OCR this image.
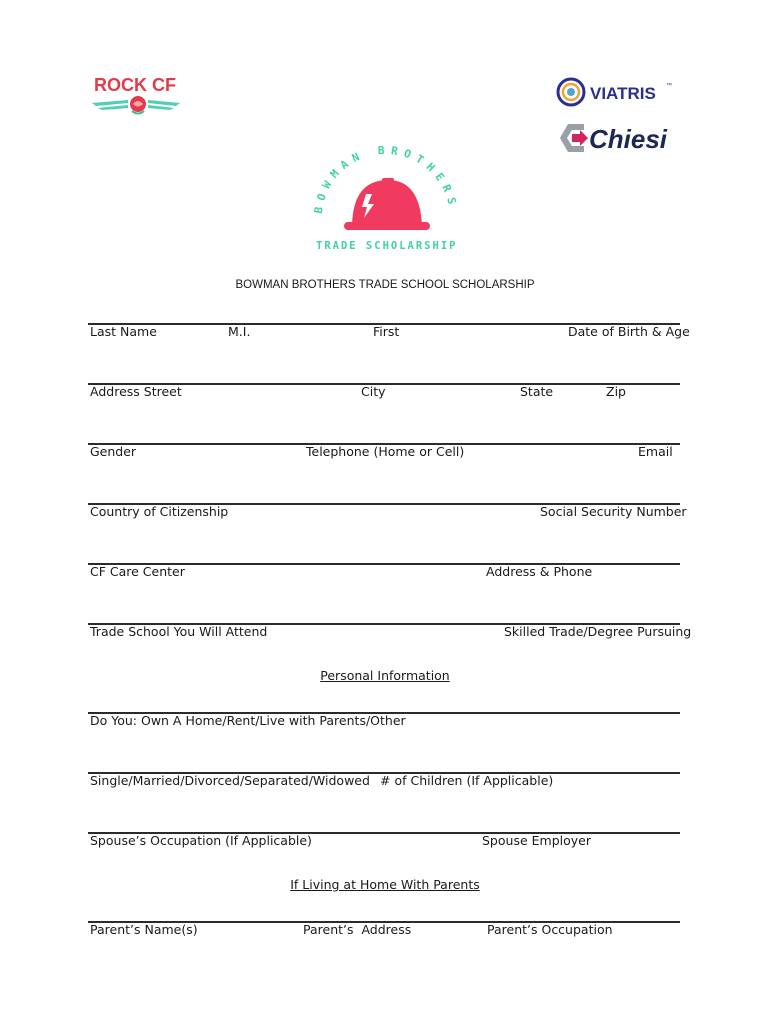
ROCK CF	VIATRIS ™
Chiesi
BOWMAN BROTHERS
TRADE SCHOLARSHIP
BOWMAN BROTHERS TRADE SCHOOL SCHOLARSHIP
Last Name	M.I.	First	Date of Birth & Age
Address Street	City	State	Zip
Gender	Telephone (Home or Cell)	Email
Country of Citizenship	Social Security Number
CF Care Center	Address & Phone
Trade School You Will Attend	Skilled Trade/Degree Pursuing
Personal Information
Do You: Own A Home/Rent/Live with Parents/Other
Single/Married/Divorced/Separated/Widowed # of Children (If Applicable)
Spouse’s Occupation (If Applicable)	Spouse Employer
If Living at Home With Parents
Parent’s Name(s)	Parent’s  Address	Parent’s Occupation
